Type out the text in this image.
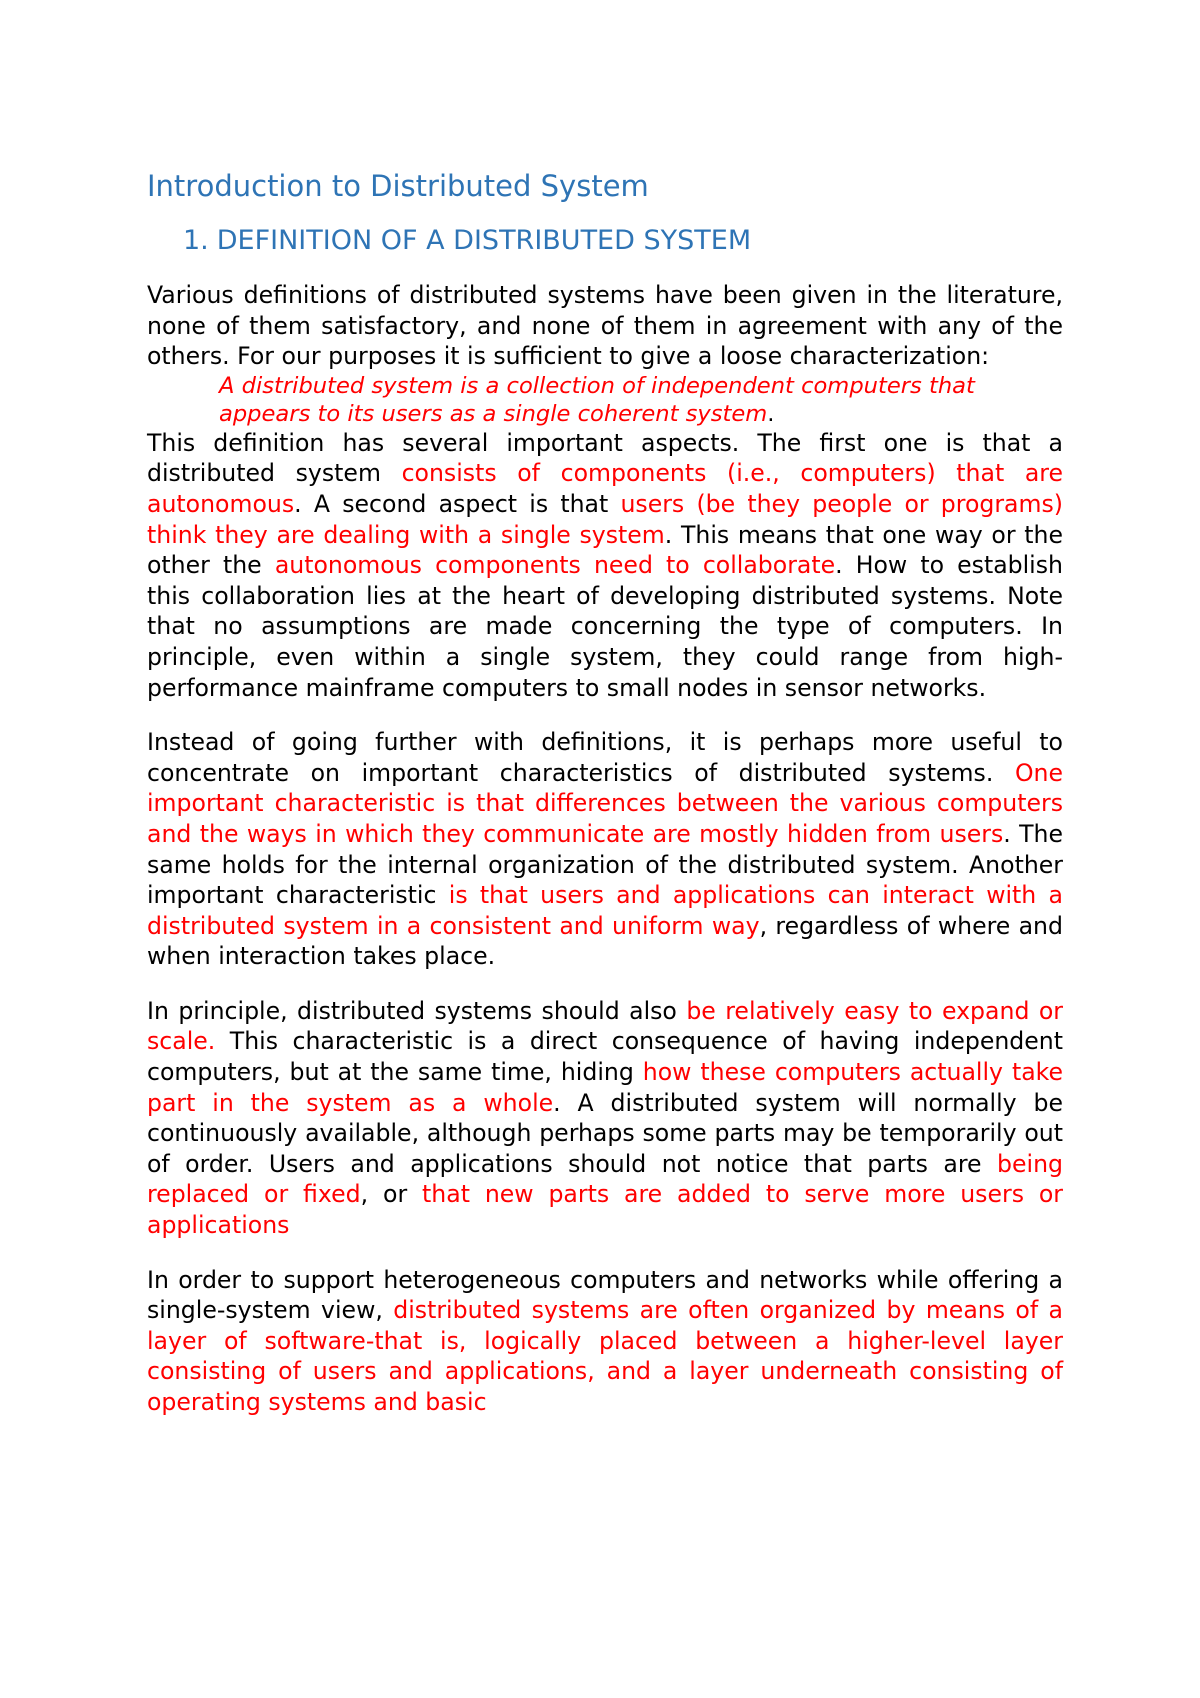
Introduction to Distributed System
1. DEFINITION OF A DISTRIBUTED SYSTEM

Various definitions of distributed systems have been given in the literature, none of them satisfactory, and none of them in agreement with any of the others. For our purposes it is sufficient to give a loose characterization:

A distributed system is a collection of independent computers that appears to its users as a single coherent system.

This definition has several important aspects. The first one is that a distributed system consists of components (i.e., computers) that are autonomous. A second aspect is that users (be they people or programs) think they are dealing with a single system. This means that one way or the other the autonomous components need to collaborate. How to establish this collaboration lies at the heart of developing distributed systems. Note that no assumptions are made concerning the type of computers. In principle, even within a single system, they could range from high-performance mainframe computers to small nodes in sensor networks.

Instead of going further with definitions, it is perhaps more useful to concentrate on important characteristics of distributed systems. One important characteristic is that differences between the various computers and the ways in which they communicate are mostly hidden from users. The same holds for the internal organization of the distributed system. Another important characteristic is that users and applications can interact with a distributed system in a consistent and uniform way, regardless of where and when interaction takes place.

In principle, distributed systems should also be relatively easy to expand or scale. This characteristic is a direct consequence of having independent computers, but at the same time, hiding how these computers actually take part in the system as a whole. A distributed system will normally be continuously available, although perhaps some parts may be temporarily out of order. Users and applications should not notice that parts are being replaced or fixed, or that new parts are added to serve more users or applications

In order to support heterogeneous computers and networks while offering a single-system view, distributed systems are often organized by means of a layer of software-that is, logically placed between a higher-level layer consisting of users and applications, and a layer underneath consisting of operating systems and basic
